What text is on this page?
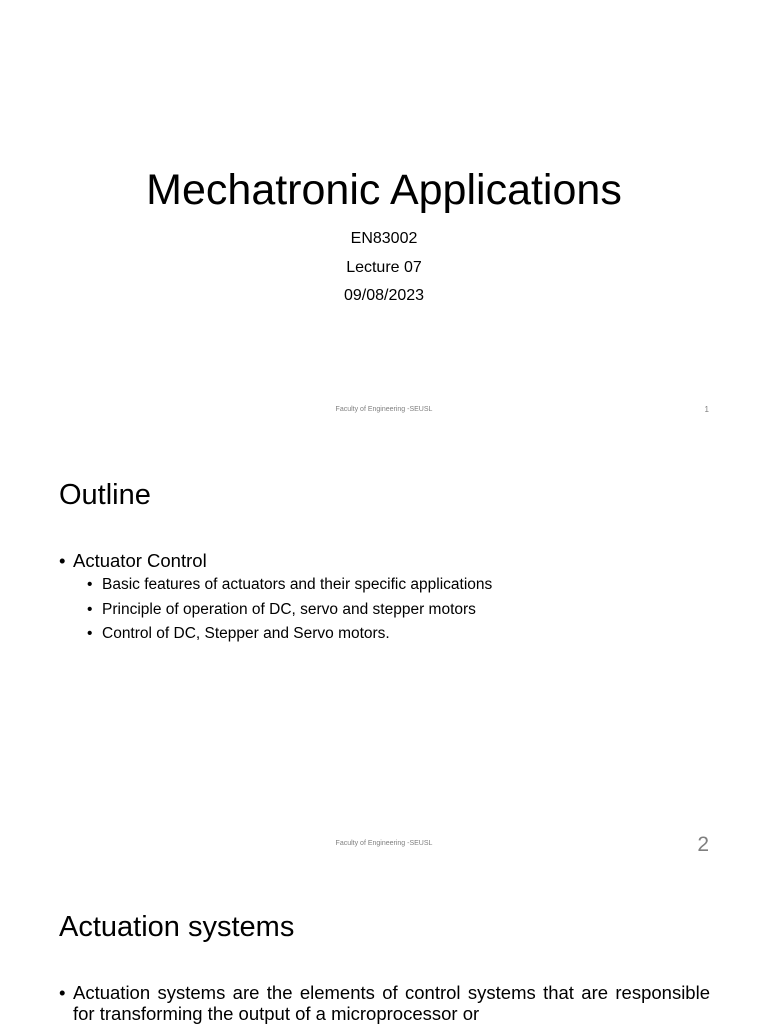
Mechatronic Applications
EN83002
Lecture 07
09/08/2023
Faculty of Engineering -SEUSL	1
Outline
• Actuator Control
• Basic features of actuators and their specific applications
• Principle of operation of DC, servo and stepper motors
• Control of DC, Stepper and Servo motors.
Faculty of Engineering -SEUSL	2
Actuation systems
• Actuation systems are the elements of control systems that are responsible for transforming the output of a microprocessor or
